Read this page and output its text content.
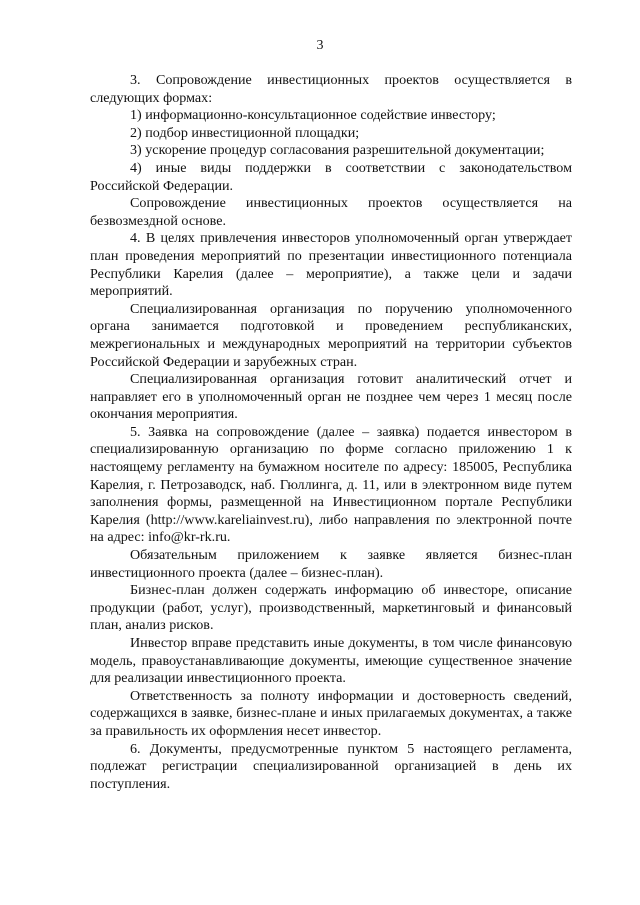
3

3. Сопровождение инвестиционных проектов осуществляется в следующих формах:

1) информационно-консультационное содействие инвестору;

2) подбор инвестиционной площадки;

3) ускорение процедур согласования разрешительной документации;

4) иные виды поддержки в соответствии с законодательством Российской Федерации.

Сопровождение инвестиционных проектов осуществляется на безвозмездной основе.

4. В целях привлечения инвесторов уполномоченный орган утверждает план проведения мероприятий по презентации инвестиционного потенциала Республики Карелия (далее – мероприятие), а также цели и задачи мероприятий.

Специализированная организация по поручению уполномоченного органа занимается подготовкой и проведением республиканских, межрегиональных и международных мероприятий на территории субъектов Российской Федерации и зарубежных стран.

Специализированная организация готовит аналитический отчет и направляет его в уполномоченный орган не позднее чем через 1 месяц после окончания мероприятия.

5. Заявка на сопровождение (далее – заявка) подается инвестором в специализированную организацию по форме согласно приложению 1 к настоящему регламенту на бумажном носителе по адресу: 185005, Республика Карелия, г. Петрозаводск, наб. Гюллинга, д. 11, или в электронном виде путем заполнения формы, размещенной на Инвестиционном портале Республики Карелия (http://www.kareliainvest.ru), либо направления по электронной почте на адрес: info@kr-rk.ru.

Обязательным приложением к заявке является бизнес-план инвестиционного проекта (далее – бизнес-план).

Бизнес-план должен содержать информацию об инвесторе, описание продукции (работ, услуг), производственный, маркетинговый и финансовый план, анализ рисков.

Инвестор вправе представить иные документы, в том числе финансовую модель, правоустанавливающие документы, имеющие существенное значение для реализации инвестиционного проекта.

Ответственность за полноту информации и достоверность сведений, содержащихся в заявке, бизнес-плане и иных прилагаемых документах, а также за правильность их оформления несет инвестор.

6. Документы, предусмотренные пунктом 5 настоящего регламента, подлежат регистрации специализированной организацией в день их поступления.
